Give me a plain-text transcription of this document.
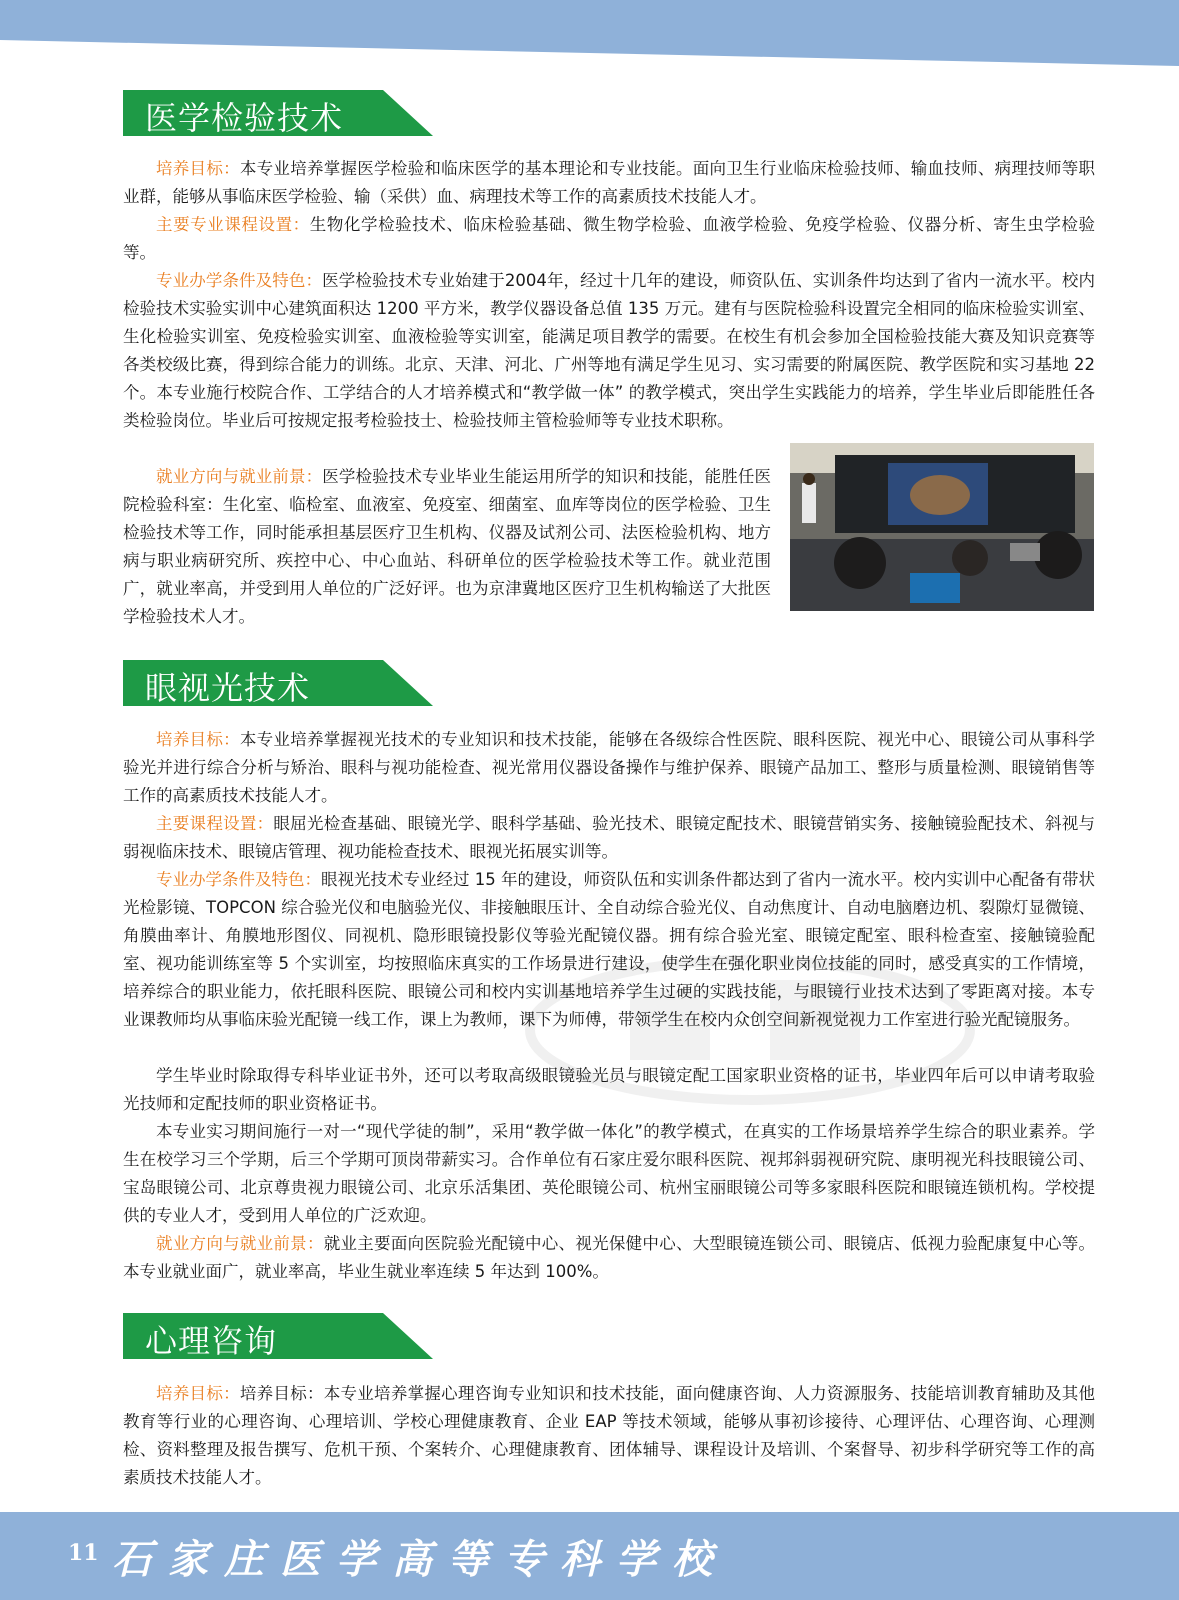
医学检验技术

培养目标：本专业培养掌握医学检验和临床医学的基本理论和专业技能。面向卫生行业临床检验技师、输血技师、病理技师等职业群，能够从事临床医学检验、输（采供）血、病理技术等工作的高素质技术技能人才。

主要专业课程设置：生物化学检验技术、临床检验基础、微生物学检验、血液学检验、免疫学检验、仪器分析、寄生虫学检验等。

专业办学条件及特色：医学检验技术专业始建于2004年，经过十几年的建设，师资队伍、实训条件均达到了省内一流水平。校内检验技术实验实训中心建筑面积达 1200 平方米，教学仪器设备总值 135 万元。建有与医院检验科设置完全相同的临床检验实训室、生化检验实训室、免疫检验实训室、血液检验等实训室，能满足项目教学的需要。在校生有机会参加全国检验技能大赛及知识竞赛等各类校级比赛，得到综合能力的训练。北京、天津、河北、广州等地有满足学生见习、实习需要的附属医院、教学医院和实习基地 22 个。本专业施行校院合作、工学结合的人才培养模式和“教学做一体” 的教学模式，突出学生实践能力的培养，学生毕业后即能胜任各类检验岗位。毕业后可按规定报考检验技士、检验技师主管检验师等专业技术职称。

就业方向与就业前景：医学检验技术专业毕业生能运用所学的知识和技能，能胜任医院检验科室：生化室、临检室、血液室、免疫室、细菌室、血库等岗位的医学检验、卫生检验技术等工作，同时能承担基层医疗卫生机构、仪器及试剂公司、法医检验机构、地方病与职业病研究所、疾控中心、中心血站、科研单位的医学检验技术等工作。就业范围广，就业率高，并受到用人单位的广泛好评。也为京津冀地区医疗卫生机构输送了大批医学检验技术人才。

眼视光技术

培养目标：本专业培养掌握视光技术的专业知识和技术技能，能够在各级综合性医院、眼科医院、视光中心、眼镜公司从事科学验光并进行综合分析与矫治、眼科与视功能检查、视光常用仪器设备操作与维护保养、眼镜产品加工、整形与质量检测、眼镜销售等工作的高素质技术技能人才。

主要课程设置：眼屈光检查基础、眼镜光学、眼科学基础、验光技术、眼镜定配技术、眼镜营销实务、接触镜验配技术、斜视与弱视临床技术、眼镜店管理、视功能检查技术、眼视光拓展实训等。

专业办学条件及特色：眼视光技术专业经过 15 年的建设，师资队伍和实训条件都达到了省内一流水平。校内实训中心配备有带状光检影镜、TOPCON 综合验光仪和电脑验光仪、非接触眼压计、全自动综合验光仪、自动焦度计、自动电脑磨边机、裂隙灯显微镜、角膜曲率计、角膜地形图仪、同视机、隐形眼镜投影仪等验光配镜仪器。拥有综合验光室、眼镜定配室、眼科检查室、接触镜验配室、视功能训练室等 5 个实训室，均按照临床真实的工作场景进行建设，使学生在强化职业岗位技能的同时，感受真实的工作情境，培养综合的职业能力，依托眼科医院、眼镜公司和校内实训基地培养学生过硬的实践技能，与眼镜行业技术达到了零距离对接。本专业课教师均从事临床验光配镜一线工作，课上为教师，课下为师傅，带领学生在校内众创空间新视觉视力工作室进行验光配镜服务。

学生毕业时除取得专科毕业证书外，还可以考取高级眼镜验光员与眼镜定配工国家职业资格的证书，毕业四年后可以申请考取验光技师和定配技师的职业资格证书。

本专业实习期间施行一对一“现代学徒的制”，采用“教学做一体化”的教学模式，在真实的工作场景培养学生综合的职业素养。学生在校学习三个学期，后三个学期可顶岗带薪实习。合作单位有石家庄爱尔眼科医院、视邦斜弱视研究院、康明视光科技眼镜公司、宝岛眼镜公司、北京尊贵视力眼镜公司、北京乐活集团、英伦眼镜公司、杭州宝丽眼镜公司等多家眼科医院和眼镜连锁机构。学校提供的专业人才，受到用人单位的广泛欢迎。

就业方向与就业前景：就业主要面向医院验光配镜中心、视光保健中心、大型眼镜连锁公司、眼镜店、低视力验配康复中心等。本专业就业面广，就业率高，毕业生就业率连续 5 年达到 100%。

心理咨询

培养目标：培养目标：本专业培养掌握心理咨询专业知识和技术技能，面向健康咨询、人力资源服务、技能培训教育辅助及其他教育等行业的心理咨询、心理培训、学校心理健康教育、企业 EAP 等技术领域，能够从事初诊接待、心理评估、心理咨询、心理测检、资料整理及报告撰写、危机干预、个案转介、心理健康教育、团体辅导、课程设计及培训、个案督导、初步科学研究等工作的高素质技术技能人才。

11 石家庄医学高等专科学校
